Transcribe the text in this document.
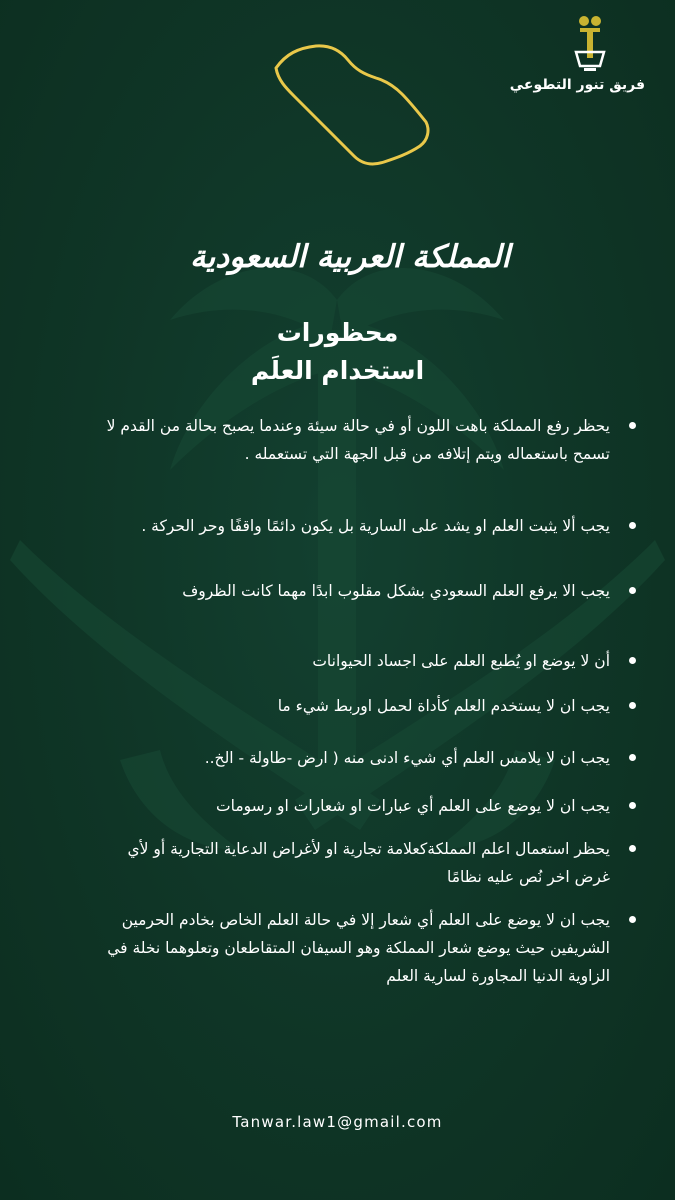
فريق تنور التطوعي
المملكة العربية السعودية
محظورات
استخدام العلَم
يحظر رفع المملكة باهت اللون أو في حالة سيئة وعندما يصبح بحالة من القدم لا تسمح باستعماله ويتم إتلافه من قبل الجهة التي تستعمله .
يجب ألا يثبت العلم او يشد على السارية بل يكون دائمًا واقفًا وحر الحركة .
يجب الا يرفع العلم السعودي بشكل مقلوب ابدًا مهما كانت الظروف
أن لا يوضع او يُطبع العلم على اجساد الحيوانات
يجب ان لا يستخدم العلم كأداة لحمل اوربط شيء ما
يجب ان لا يلامس العلم أي شيء ادنى منه ( ارض -طاولة - الخ..
يجب ان لا يوضع على العلم أي عبارات او شعارات او رسومات
يحظر استعمال اعلم المملكةكعلامة تجارية او لأغراض الدعاية التجارية أو لأي غرض اخر نُص عليه نظامًا
يجب ان لا يوضع على العلم أي شعار إلا في حالة العلم الخاص بخادم الحرمين الشريفين حيث يوضع شعار المملكة وهو السيفان المتقاطعان وتعلوهما نخلة في الزاوية الدنيا المجاورة لسارية العلم
Tanwar.law1@gmail.com
